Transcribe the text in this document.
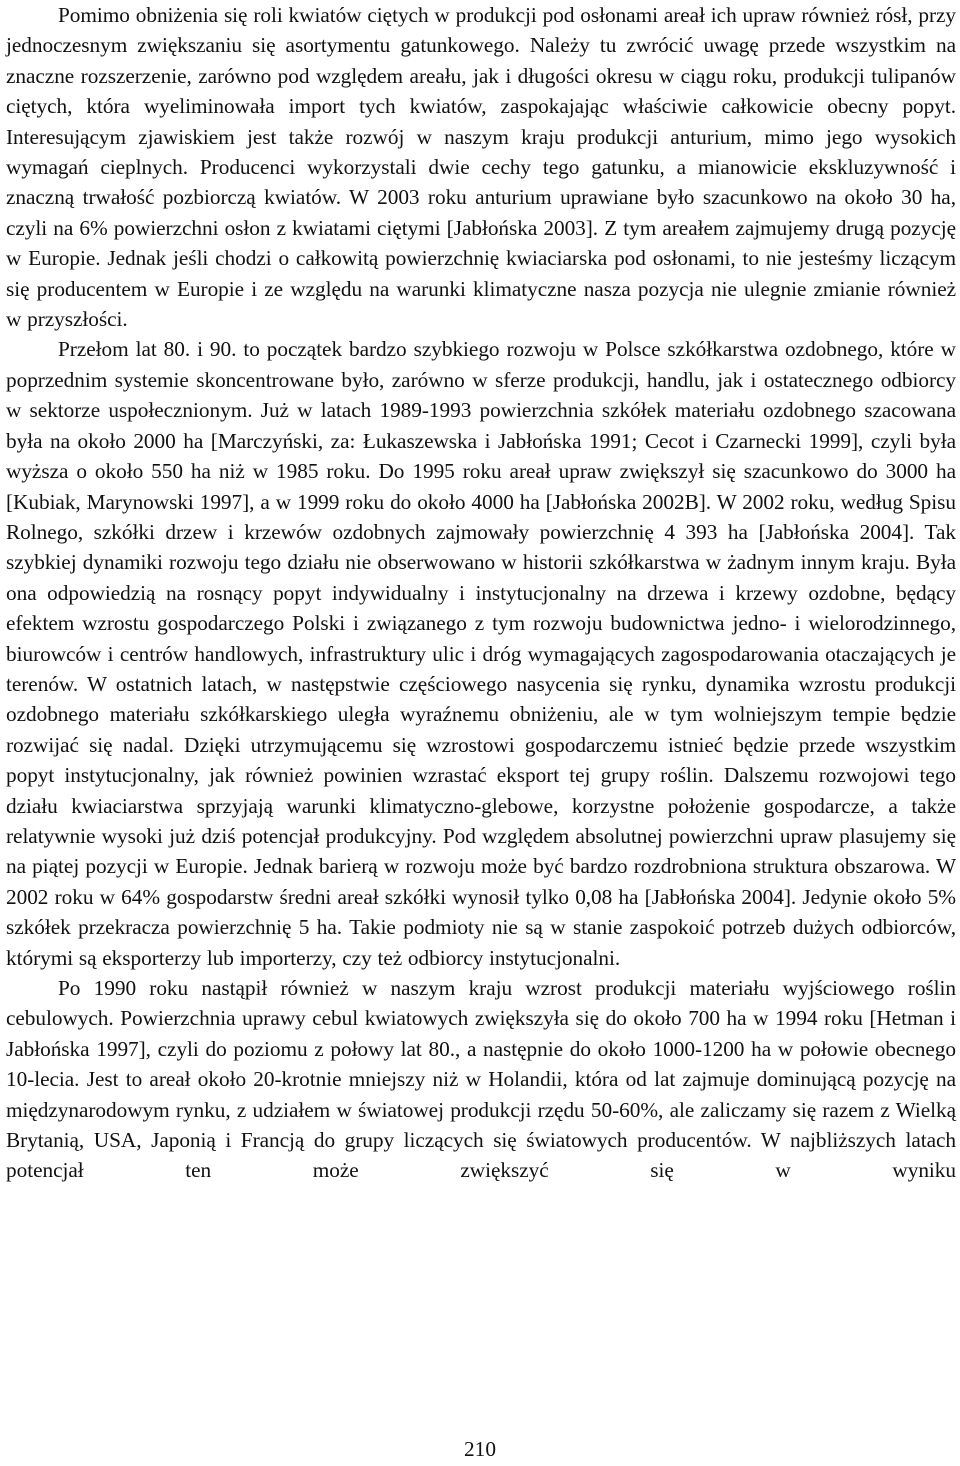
Pomimo obniżenia się roli kwiatów ciętych w produkcji pod osłonami areał ich upraw również rósł, przy jednoczesnym zwiększaniu się asortymentu gatunkowego. Należy tu zwrócić uwagę przede wszystkim na znaczne rozszerzenie, zarówno pod względem areału, jak i długości okresu w ciągu roku, produkcji tulipanów ciętych, która wyeliminowała import tych kwiatów, zaspokajając właściwie całkowicie obecny popyt. Interesującym zjawiskiem jest także rozwój w naszym kraju produkcji anturium, mimo jego wysokich wymagań cieplnych. Producenci wykorzystali dwie cechy tego gatunku, a mianowicie ekskluzywność i znaczną trwałość pozbiorczą kwiatów. W 2003 roku anturium uprawiane było szacunkowo na około 30 ha, czyli na 6% powierzchni osłon z kwiatami ciętymi [Jabłońska 2003]. Z tym areałem zajmujemy drugą pozycję w Europie. Jednak jeśli chodzi o całkowitą powierzchnię kwiaciarska pod osłonami, to nie jesteśmy liczącym się producentem w Europie i ze względu na warunki klimatyczne nasza pozycja nie ulegnie zmianie również w przyszłości.

Przełom lat 80. i 90. to początek bardzo szybkiego rozwoju w Polsce szkółkarstwa ozdobnego, które w poprzednim systemie skoncentrowane było, zarówno w sferze produkcji, handlu, jak i ostatecznego odbiorcy w sektorze uspołecznionym. Już w latach 1989-1993 powierzchnia szkółek materiału ozdobnego szacowana była na około 2000 ha [Marczyński, za: Łukaszewska i Jabłońska 1991; Cecot i Czarnecki 1999], czyli była wyższa o około 550 ha niż w 1985 roku. Do 1995 roku areał upraw zwiększył się szacunkowo do 3000 ha [Kubiak, Marynowski 1997], a w 1999 roku do około 4000 ha [Jabłońska 2002B]. W 2002 roku, według Spisu Rolnego, szkółki drzew i krzewów ozdobnych zajmowały powierzchnię 4 393 ha [Jabłońska 2004]. Tak szybkiej dynamiki rozwoju tego działu nie obserwowano w historii szkółkarstwa w żadnym innym kraju. Była ona odpowiedzią na rosnący popyt indywidualny i instytucjonalny na drzewa i krzewy ozdobne, będący efektem wzrostu gospodarczego Polski i związanego z tym rozwoju budownictwa jedno- i wielorodzinnego, biurowców i centrów handlowych, infrastruktury ulic i dróg wymagających zagospodarowania otaczających je terenów. W ostatnich latach, w następstwie częściowego nasycenia się rynku, dynamika wzrostu produkcji ozdobnego materiału szkółkarskiego uległa wyraźnemu obniżeniu, ale w tym wolniejszym tempie będzie rozwijać się nadal. Dzięki utrzymującemu się wzrostowi gospodarczemu istnieć będzie przede wszystkim popyt instytucjonalny, jak również powinien wzrastać eksport tej grupy roślin. Dalszemu rozwojowi tego działu kwiaciarstwa sprzyjają warunki klimatyczno-glebowe, korzystne położenie gospodarcze, a także relatywnie wysoki już dziś potencjał produkcyjny. Pod względem absolutnej powierzchni upraw plasujemy się na piątej pozycji w Europie. Jednak barierą w rozwoju może być bardzo rozdrobniona struktura obszarowa. W 2002 roku w 64% gospodarstw średni areał szkółki wynosił tylko 0,08 ha [Jabłońska 2004]. Jedynie około 5% szkółek przekracza powierzchnię 5 ha. Takie podmioty nie są w stanie zaspokoić potrzeb dużych odbiorców, którymi są eksporterzy lub importerzy, czy też odbiorcy instytucjonalni.

Po 1990 roku nastąpił również w naszym kraju wzrost produkcji materiału wyjściowego roślin cebulowych. Powierzchnia uprawy cebul kwiatowych zwiększyła się do około 700 ha w 1994 roku [Hetman i Jabłońska 1997], czyli do poziomu z połowy lat 80., a następnie do około 1000-1200 ha w połowie obecnego 10-lecia. Jest to areał około 20-krotnie mniejszy niż w Holandii, która od lat zajmuje dominującą pozycję na międzynarodowym rynku, z udziałem w światowej produkcji rzędu 50-60%, ale zaliczamy się razem z Wielką Brytanią, USA, Japonią i Francją do grupy liczących się światowych producentów. W najbliższych latach potencjał ten może zwiększyć się w wyniku

210
